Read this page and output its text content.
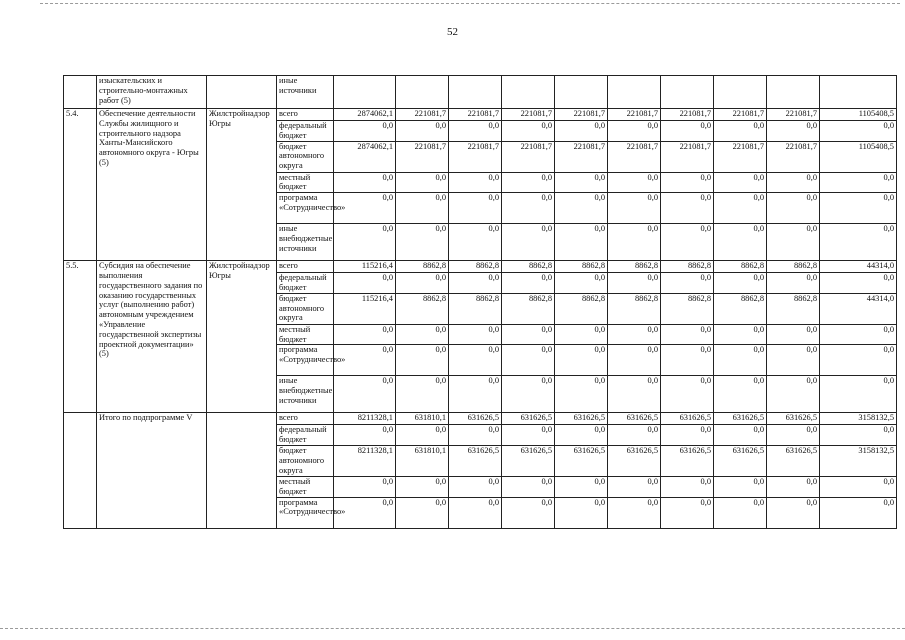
52
	изыскательских и строительно-монтажных работ (5)		иные источники										
5.4.	Обеспечение деятельности Службы жилищного и строительного надзора Ханты-Мансийского автономного округа - Югры (5)	Жилстройнадзор Югры	всего	2874062,1	221081,7	221081,7	221081,7	221081,7	221081,7	221081,7	221081,7	221081,7	1105408,5
			федеральный бюджет	0,0	0,0	0,0	0,0	0,0	0,0	0,0	0,0	0,0	0,0
			бюджет автономного округа	2874062,1	221081,7	221081,7	221081,7	221081,7	221081,7	221081,7	221081,7	221081,7	1105408,5
			местный бюджет	0,0	0,0	0,0	0,0	0,0	0,0	0,0	0,0	0,0	0,0
			программа «Сотрудничество»	0,0	0,0	0,0	0,0	0,0	0,0	0,0	0,0	0,0	0,0
			иные внебюджетные источники	0,0	0,0	0,0	0,0	0,0	0,0	0,0	0,0	0,0	0,0
5.5.	Субсидия на обеспечение выполнения государственного задания по оказанию государственных услуг (выполнению работ) автономным учреждением «Управление государственной экспертизы проектной документации» (5)	Жилстройнадзор Югры	всего	115216,4	8862,8	8862,8	8862,8	8862,8	8862,8	8862,8	8862,8	8862,8	44314,0
			федеральный бюджет	0,0	0,0	0,0	0,0	0,0	0,0	0,0	0,0	0,0	0,0
			бюджет автономного округа	115216,4	8862,8	8862,8	8862,8	8862,8	8862,8	8862,8	8862,8	8862,8	44314,0
			местный бюджет	0,0	0,0	0,0	0,0	0,0	0,0	0,0	0,0	0,0	0,0
			программа «Сотрудничество»	0,0	0,0	0,0	0,0	0,0	0,0	0,0	0,0	0,0	0,0
			иные внебюджетные источники	0,0	0,0	0,0	0,0	0,0	0,0	0,0	0,0	0,0	0,0
	Итого по подпрограмме V		всего	8211328,1	631810,1	631626,5	631626,5	631626,5	631626,5	631626,5	631626,5	631626,5	3158132,5
			федеральный бюджет	0,0	0,0	0,0	0,0	0,0	0,0	0,0	0,0	0,0	0,0
			бюджет автономного округа	8211328,1	631810,1	631626,5	631626,5	631626,5	631626,5	631626,5	631626,5	631626,5	3158132,5
			местный бюджет	0,0	0,0	0,0	0,0	0,0	0,0	0,0	0,0	0,0	0,0
			программа «Сотрудничество»	0,0	0,0	0,0	0,0	0,0	0,0	0,0	0,0	0,0	0,0
